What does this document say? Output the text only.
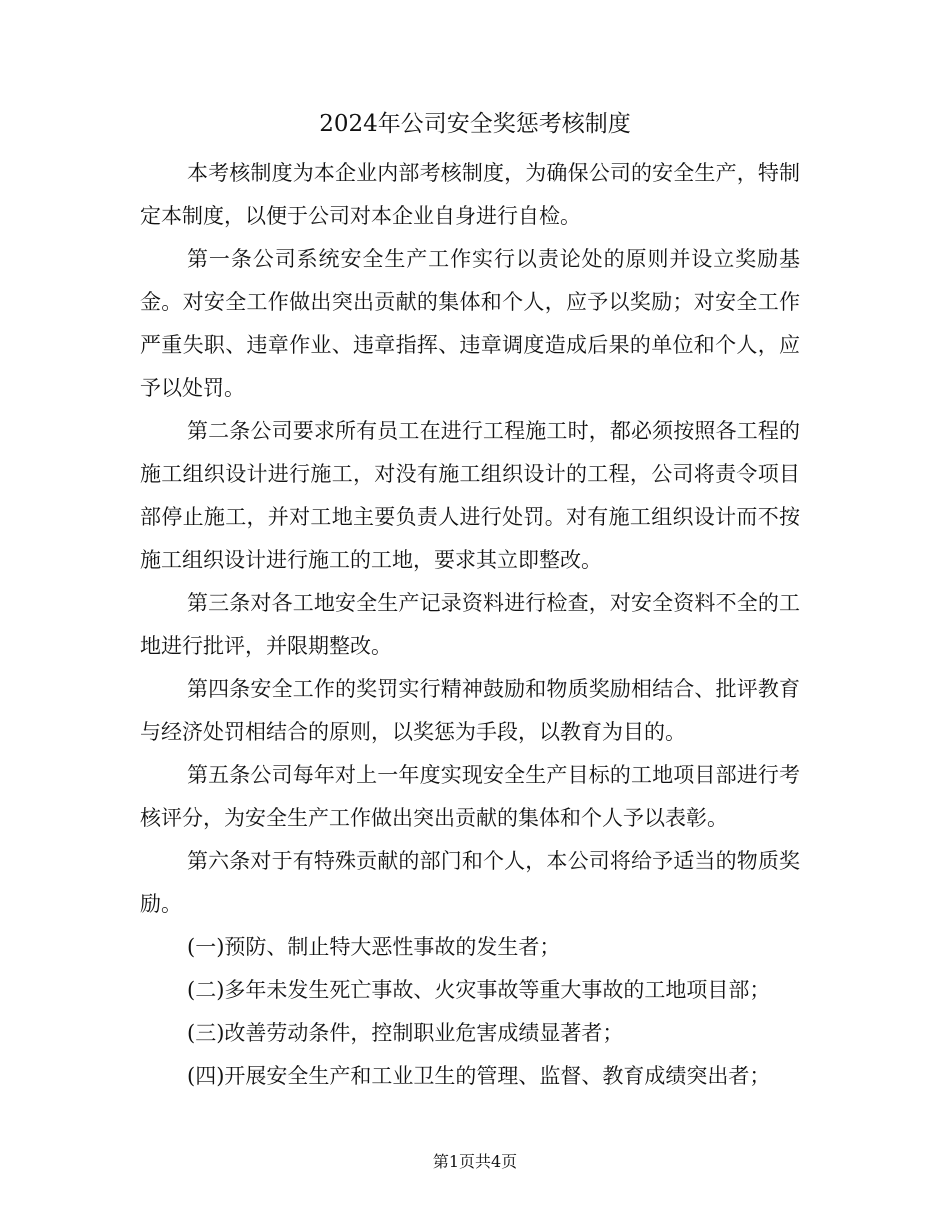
2024年公司安全奖惩考核制度

本考核制度为本企业内部考核制度，为确保公司的安全生产，特制定本制度，以便于公司对本企业自身进行自检。

第一条公司系统安全生产工作实行以责论处的原则并设立奖励基金。对安全工作做出突出贡献的集体和个人，应予以奖励；对安全工作严重失职、违章作业、违章指挥、违章调度造成后果的单位和个人，应予以处罚。

第二条公司要求所有员工在进行工程施工时，都必须按照各工程的施工组织设计进行施工，对没有施工组织设计的工程，公司将责令项目部停止施工，并对工地主要负责人进行处罚。对有施工组织设计而不按施工组织设计进行施工的工地，要求其立即整改。

第三条对各工地安全生产记录资料进行检查，对安全资料不全的工地进行批评，并限期整改。

第四条安全工作的奖罚实行精神鼓励和物质奖励相结合、批评教育与经济处罚相结合的原则，以奖惩为手段，以教育为目的。

第五条公司每年对上一年度实现安全生产目标的工地项目部进行考核评分，为安全生产工作做出突出贡献的集体和个人予以表彰。

第六条对于有特殊贡献的部门和个人，本公司将给予适当的物质奖励。

(一)预防、制止特大恶性事故的发生者；

(二)多年未发生死亡事故、火灾事故等重大事故的工地项目部；

(三)改善劳动条件，控制职业危害成绩显著者；

(四)开展安全生产和工业卫生的管理、监督、教育成绩突出者；

第1页共4页
